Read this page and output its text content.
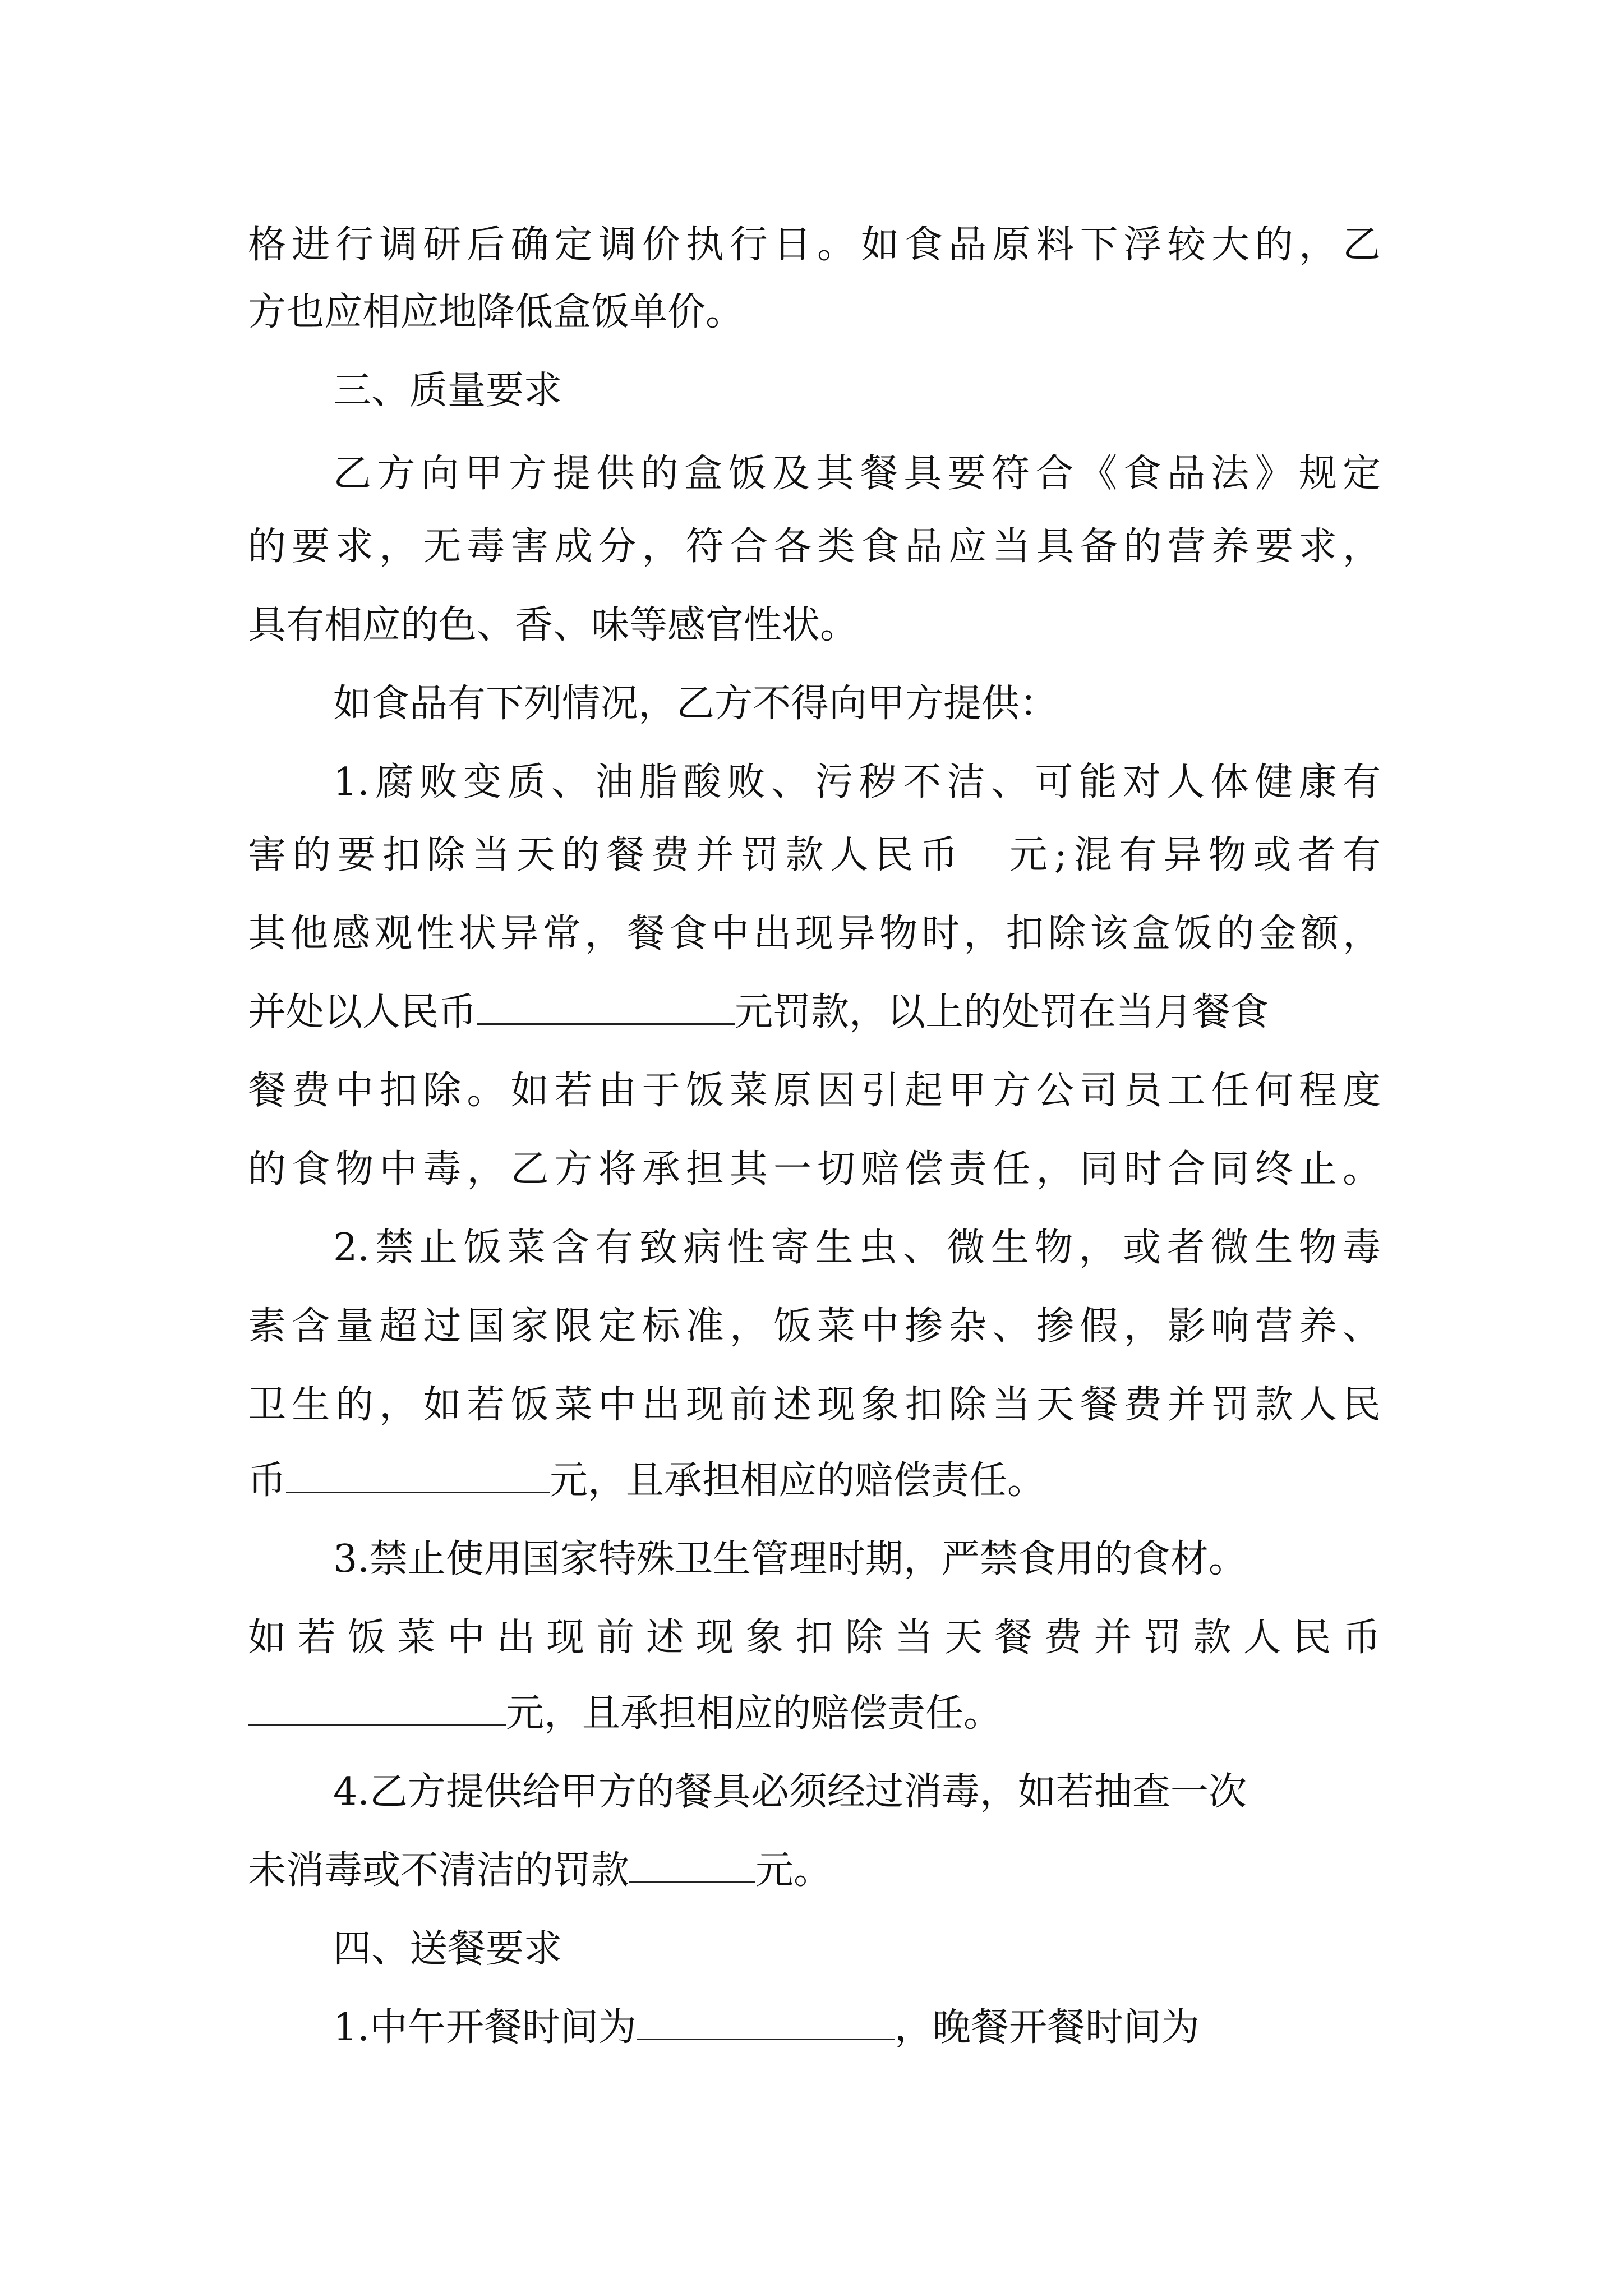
格进行调研后确定调价执行日。如食品原料下浮较大的，乙
方也应相应地降低盒饭单价。
三、质量要求
乙方向甲方提供的盒饭及其餐具要符合《食品法》规定
的要求，无毒害成分，符合各类食品应当具备的营养要求，
具有相应的色、香、味等感官性状。
如食品有下列情况，乙方不得向甲方提供：
1.腐败变质、油脂酸败、污秽不洁、可能对人体健康有
害的要扣除当天的餐费并罚款人民币　元;混有异物或者有
其他感观性状异常，餐食中出现异物时，扣除该盒饭的金额，
并处以人民币	元罚款，以上的处罚在当月餐食
餐费中扣除。如若由于饭菜原因引起甲方公司员工任何程度
的食物中毒，乙方将承担其一切赔偿责任，同时合同终止。
2.禁止饭菜含有致病性寄生虫、微生物，或者微生物毒
素含量超过国家限定标准，饭菜中掺杂、掺假，影响营养、
卫生的，如若饭菜中出现前述现象扣除当天餐费并罚款人民
币	元，且承担相应的赔偿责任。
3.禁止使用国家特殊卫生管理时期，严禁食用的食材。
如若饭菜中出现前述现象扣除当天餐费并罚款人民币
元，且承担相应的赔偿责任。
4.乙方提供给甲方的餐具必须经过消毒，如若抽查一次
未消毒或不清洁的罚款	元。
四、送餐要求
1.中午开餐时间为	，晚餐开餐时间为
